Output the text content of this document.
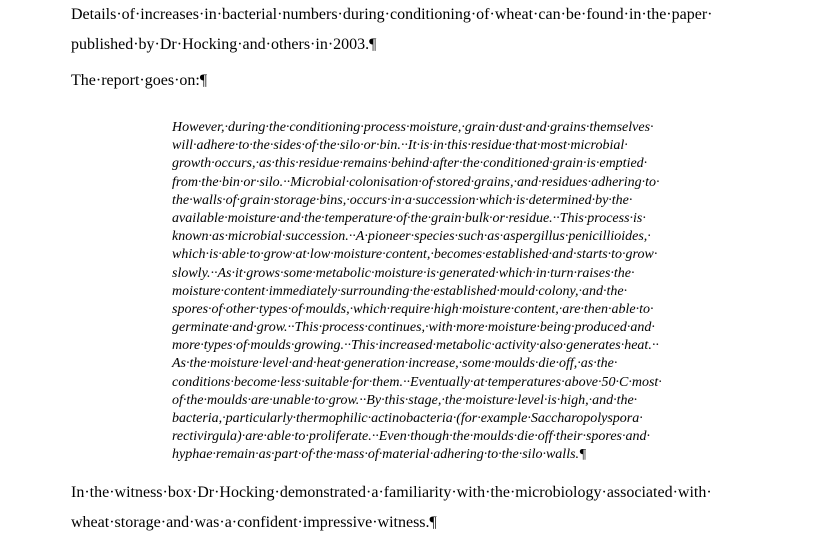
Details·of·increases·in·bacterial·numbers·during·conditioning·of·wheat·can·be·found·in·the·paper· published·by·Dr·Hocking·and·others·in·2003.¶

The·report·goes·on:¶

However,·during·the·conditioning·process·moisture,·grain·dust·and·grains·themselves·
will·adhere·to·the·sides·of·the·silo·or·bin.··It·is·in·this·residue·that·most·microbial·
growth·occurs,·as·this·residue·remains·behind·after·the·conditioned·grain·is·emptied·
from·the·bin·or·silo.··Microbial·colonisation·of·stored·grains,·and·residues·adhering·to·
the·walls·of·grain·storage·bins,·occurs·in·a·succession·which·is·determined·by·the·
available·moisture·and·the·temperature·of·the·grain·bulk·or·residue.··This·process·is·
known·as·microbial·succession.··A·pioneer·species·such·as·aspergillus·penicillioides,·
which·is·able·to·grow·at·low·moisture·content,·becomes·established·and·starts·to·grow·
slowly.··As·it·grows·some·metabolic·moisture·is·generated·which·in·turn·raises·the·
moisture·content·immediately·surrounding·the·established·mould·colony,·and·the·
spores·of·other·types·of·moulds,·which·require·high·moisture·content,·are·then·able·to·
germinate·and·grow.··This·process·continues,·with·more·moisture·being·produced·and·
more·types·of·moulds·growing.··This·increased·metabolic·activity·also·generates·heat.··
As·the·moisture·level·and·heat·generation·increase,·some·moulds·die·off,·as·the·
conditions·become·less·suitable·for·them.··Eventually·at·temperatures·above·50·C·most·
of·the·moulds·are·unable·to·grow.··By·this·stage,·the·moisture·level·is·high,·and·the·
bacteria,·particularly·thermophilic·actinobacteria·(for·example·Saccharopolyspora·
rectivirgula)·are·able·to·proliferate.··Even·though·the·moulds·die·off·their·spores·and·
hyphae·remain·as·part·of·the·mass·of·material·adhering·to·the·silo·walls.¶

In·the·witness·box·Dr·Hocking·demonstrated·a·familiarity·with·the·microbiology·associated·with· wheat·storage·and·was·a·confident·impressive·witness.¶
